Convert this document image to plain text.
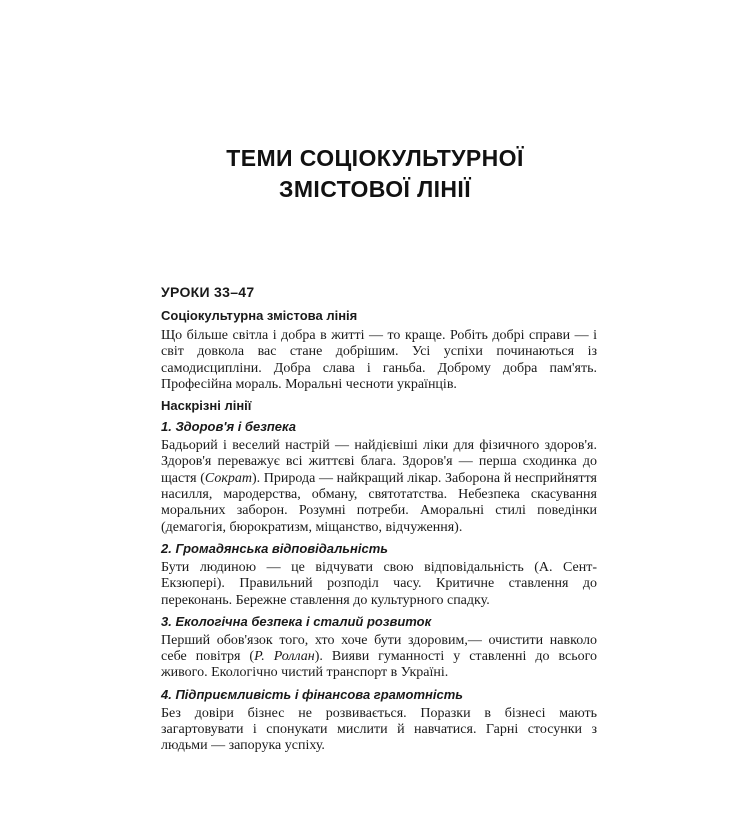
ТЕМИ СОЦІОКУЛЬТУРНОЇ
ЗМІСТОВОЇ ЛІНІЇ
УРОКИ 33–47
Соціокультурна змістова лінія

Що більше світла і добра в житті — то краще. Робіть добрі справи — і світ довкола вас стане добрішим. Усі успіхи починаються із самодисципліни. Добра слава і ганьба. Доброму добра пам'ять. Професійна мораль. Моральні чесноти українців.

Наскрізні лінії
1. Здоров'я і безпека

Бадьорий і веселий настрій — найдієвіші ліки для фізичного здоров'я. Здоров'я переважує всі життєві блага. Здоров'я — перша сходинка до щастя (Сократ). Природа — найкращий лікар. Заборона й несприйняття насилля, мародерства, обману, святотатства. Небезпека скасування моральних заборон. Розумні потреби. Аморальні стилі поведінки (демагогія, бюрократизм, міщанство, відчуження).

2. Громадянська відповідальність

Бути людиною — це відчувати свою відповідальність (А. Сент-Екзюпері). Правильний розподіл часу. Критичне ставлення до переконань. Бережне ставлення до культурного спадку.

3. Екологічна безпека і сталий розвиток

Перший обов'язок того, хто хоче бути здоровим,— очистити навколо себе повітря (Р. Роллан). Вияви гуманності у ставленні до всього живого. Екологічно чистий транспорт в Україні.

4. Підприємливість і фінансова грамотність

Без довіри бізнес не розвивається. Поразки в бізнесі мають загартовувати і спонукати мислити й навчатися. Гарні стосунки з людьми — запорука успіху.
